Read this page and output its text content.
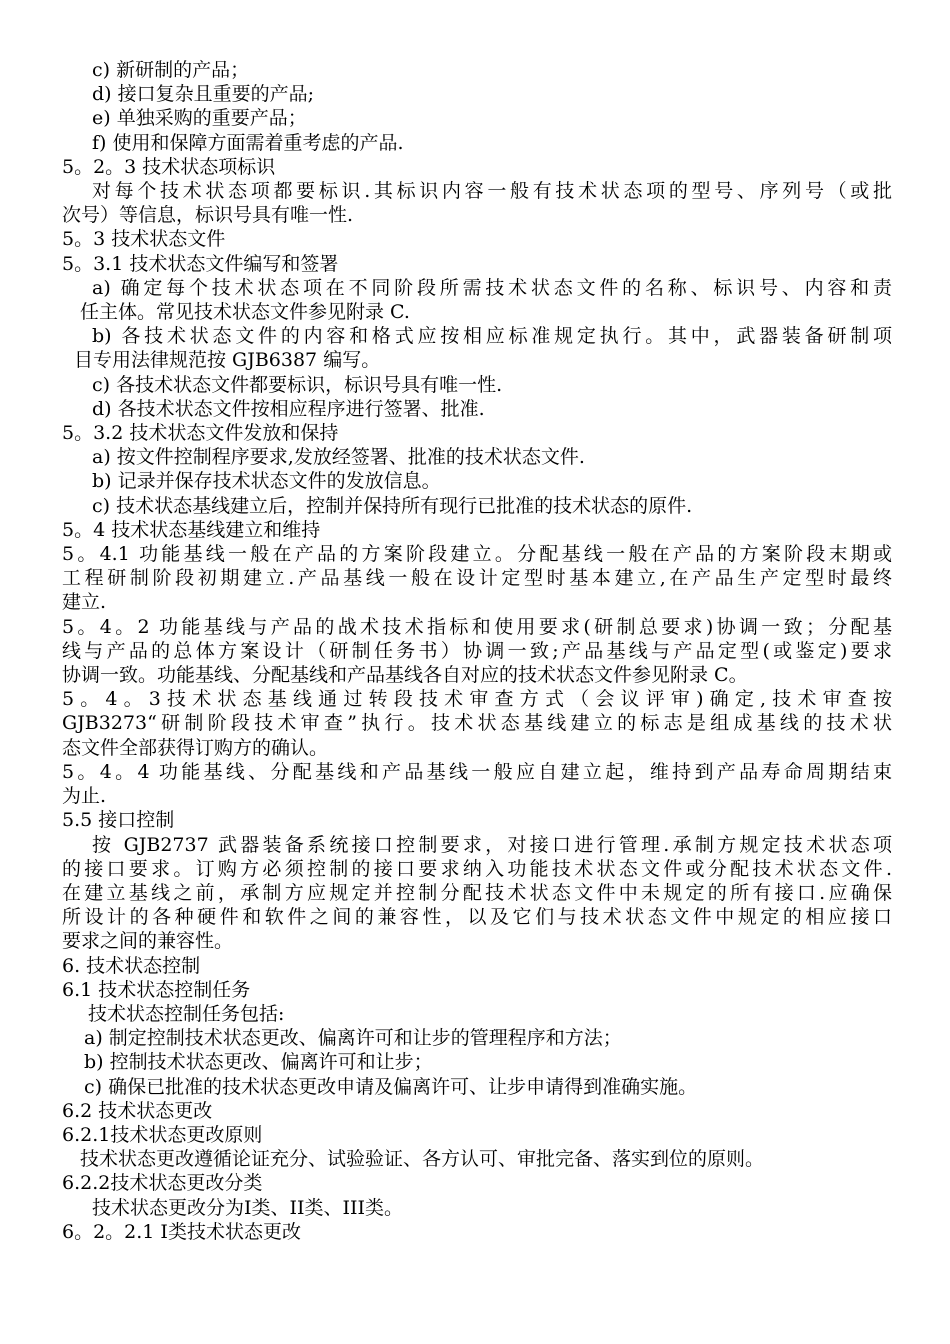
c) 新研制的产品；

d) 接口复杂且重要的产品;

e) 单独采购的重要产品；

f) 使用和保障方面需着重考虑的产品.

5。2。3 技术状态项标识

对每个技术状态项都要标识.其标识内容一般有技术状态项的型号、序列号（或批

次号）等信息，标识号具有唯一性.

5。3 技术状态文件

5。3.1 技术状态文件编写和签署

a) 确定每个技术状态项在不同阶段所需技术状态文件的名称、标识号、内容和责

任主体。常见技术状态文件参见附录 C.

b) 各技术状态文件的内容和格式应按相应标准规定执行。其中，武器装备研制项

目专用法律规范按 GJB6387 编写。

c) 各技术状态文件都要标识，标识号具有唯一性.

d) 各技术状态文件按相应程序进行签署、批准.

5。3.2 技术状态文件发放和保持

a) 按文件控制程序要求,发放经签署、批准的技术状态文件.

b) 记录并保存技术状态文件的发放信息。

c) 技术状态基线建立后，控制并保持所有现行已批准的技术状态的原件.

5。4 技术状态基线建立和维持

5。4.1 功能基线一般在产品的方案阶段建立。分配基线一般在产品的方案阶段末期或

工程研制阶段初期建立.产品基线一般在设计定型时基本建立,在产品生产定型时最终

建立.

5。4。2 功能基线与产品的战术技术指标和使用要求(研制总要求)协调一致；分配基

线与产品的总体方案设计（研制任务书）协调一致;产品基线与产品定型(或鉴定)要求

协调一致。功能基线、分配基线和产品基线各自对应的技术状态文件参见附录 C。

5 。 4 。 3 技 术 状 态 基 线 通 过 转 段 技 术 审 查 方 式 （ 会 议 评 审 ) 确 定 , 技 术 审 查 按

GJB3273“研制阶段技术审查”执行。技术状态基线建立的标志是组成基线的技术状

态文件全部获得订购方的确认。

5。4。4 功能基线、分配基线和产品基线一般应自建立起，维持到产品寿命周期结束

为止.

5.5 接口控制

按 GJB2737 武器装备系统接口控制要求，对接口进行管理.承制方规定技术状态项

的接口要求。订购方必须控制的接口要求纳入功能技术状态文件或分配技术状态文件.

在建立基线之前，承制方应规定并控制分配技术状态文件中未规定的所有接口.应确保

所设计的各种硬件和软件之间的兼容性，以及它们与技术状态文件中规定的相应接口

要求之间的兼容性。

6. 技术状态控制

6.1 技术状态控制任务

技术状态控制任务包括:

a) 制定控制技术状态更改、偏离许可和让步的管理程序和方法；

b) 控制技术状态更改、偏离许可和让步；

c) 确保已批准的技术状态更改申请及偏离许可、让步申请得到准确实施。

6.2 技术状态更改

6.2.1技术状态更改原则

技术状态更改遵循论证充分、试验验证、各方认可、审批完备、落实到位的原则。

6.2.2技术状态更改分类

技术状态更改分为I类、II类、III类。

6。2。2.1 I类技术状态更改
